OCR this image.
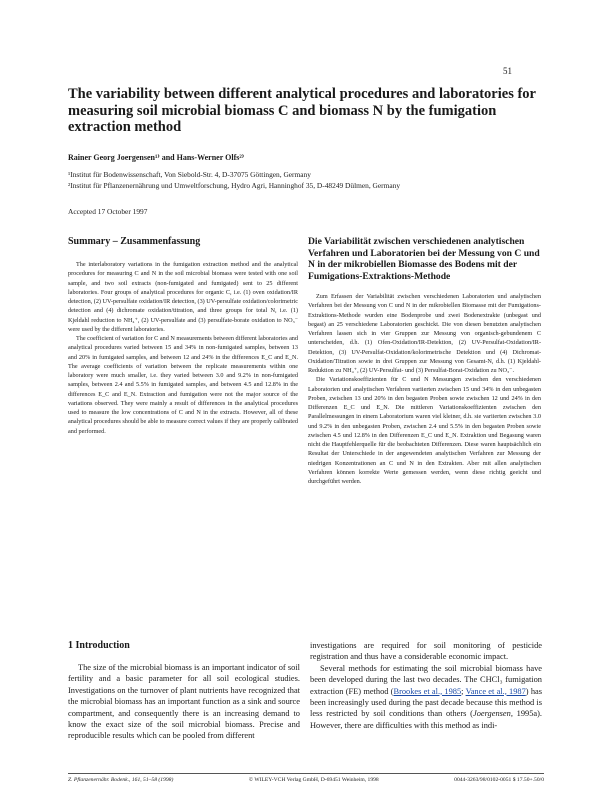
51
The variability between different analytical procedures and laboratories for measuring soil microbial biomass C and biomass N by the fumigation extraction method
Rainer Georg Joergensen¹⁾ and Hans-Werner Olfs²⁾
¹Institut für Bodenwissenschaft, Von Siebold-Str. 4, D-37075 Göttingen, Germany
²Institut für Pflanzenernährung und Umweltforschung, Hydro Agri, Hanninghof 35, D-48249 Dülmen, Germany
Accepted 17 October 1997
Summary – Zusammenfassung

The interlaboratory variations in the fumigation extraction method and the analytical procedures for measuring C and N in the soil microbial biomass were tested with one soil sample, and two soil extracts (non-fumigated and fumigated) sent to 25 different laboratories. Four groups of analytical procedures for organic C, i.e. (1) oven oxidation/IR detection, (2) UV-persulfate oxidation/IR detection, (3) UV-persulfate oxidation/colorimetric detection and (4) dichromate oxidation/titration, and three groups for total N, i.e. (1) Kjeldahl reduction to NH₄⁺, (2) UV-persulfate and (3) persulfate-borate oxidation to NO₃⁻ were used by the different laboratories.

The coefficient of variation for C and N measurements between different laboratories and analytical procedures varied between 15 and 34% in non-fumigated samples, between 13 and 20% in fumigated samples, and between 12 and 24% in the differences E_C and E_N. The average coefficients of variation between the replicate measurements within one laboratory were much smaller, i.e. they varied between 3.0 and 9.2% in non-fumigated samples, between 2.4 and 5.5% in fumigated samples, and between 4.5 and 12.8% in the differences E_C and E_N. Extraction and fumigation were not the major source of the variations observed. They were mainly a result of differences in the analytical procedures used to measure the low concentrations of C and N in the extracts. However, all of these analytical procedures should be able to measure correct values if they are properly calibrated and performed.

Die Variabilität zwischen verschiedenen analytischen Verfahren und Laboratorien bei der Messung von C und N in der mikrobiellen Biomasse des Bodens mit der Fumigations-Extraktions-Methode

Zum Erfassen der Variabilität zwischen verschiedenen Laboratorien und analytischen Verfahren bei der Messung von C und N in der mikrobiellen Biomasse mit der Fumigations-Extraktions-Methode wurden eine Bodenprobe und zwei Bodenextrakte (unbegast und begast) an 25 verschiedene Laboratorien geschickt. Die von diesen benutzten analytischen Verfahren lassen sich in vier Gruppen zur Messung von organisch-gebundenem C unterscheiden, d.h. (1) Ofen-Oxidation/IR-Detektion, (2) UV-Persulfat-Oxidation/IR-Detektion, (3) UV-Persulfat-Oxidation/kolorimetrische Detektion und (4) Dichromat-Oxidation/Titration sowie in drei Gruppen zur Messung von Gesamt-N, d.h. (1) Kjeldahl-Reduktion zu NH₄⁺, (2) UV-Persulfat- und (3) Persulfat-Borat-Oxidation zu NO₃⁻.

Die Variationskoeffizienten für C und N Messungen zwischen den verschiedenen Laboratorien und analytischen Verfahren variierten zwischen 15 und 34% in den unbegasten Proben, zwischen 13 und 20% in den begasten Proben sowie zwischen 12 und 24% in den Differenzen E_C und E_N. Die mittleren Variationskoeffizienten zwischen den Parallelmessungen in einem Laboratorium waren viel kleiner, d.h. sie variierten zwischen 3.0 und 9.2% in den unbegasten Proben, zwischen 2.4 und 5.5% in den begasten Proben sowie zwischen 4.5 und 12.8% in den Differenzen E_C und E_N. Extraktion und Begasung waren nicht die Hauptfehlerquelle für die beobachteten Differenzen. Diese waren hauptsächlich ein Resultat der Unterschiede in der angewendeten analytischen Verfahren zur Messung der niedrigen Konzentrationen an C und N in den Extrakten. Aber mit allen analytischen Verfahren können korrekte Werte gemessen werden, wenn diese richtig geeicht und durchgeführt werden.

1 Introduction

The size of the microbial biomass is an important indicator of soil fertility and a basic parameter for all soil ecological studies. Investigations on the turnover of plant nutrients have recognized that the microbial biomass has an important function as a sink and source compartment, and consequently there is an increasing demand to know the exact size of the soil microbial biomass. Precise and reproducible results which can be pooled from different

investigations are required for soil monitoring of pesticide registration and thus have a considerable economic impact.

Several methods for estimating the soil microbial biomass have been developed during the last two decades. The CHCl₃ fumigation extraction (FE) method (Brookes et al., 1985; Vance et al., 1987) has been increasingly used during the past decade because this method is less restricted by soil conditions than others (Joergensen, 1995a). However, there are difficulties with this method as indi-

Z. Pflanzenernähr. Bodenk., 161, 51–58 (1998)	© WILEY-VCH Verlag GmbH, D-69451 Weinheim, 1998	0044-3263/98/0102-0051 $ 17.50+.50/0
